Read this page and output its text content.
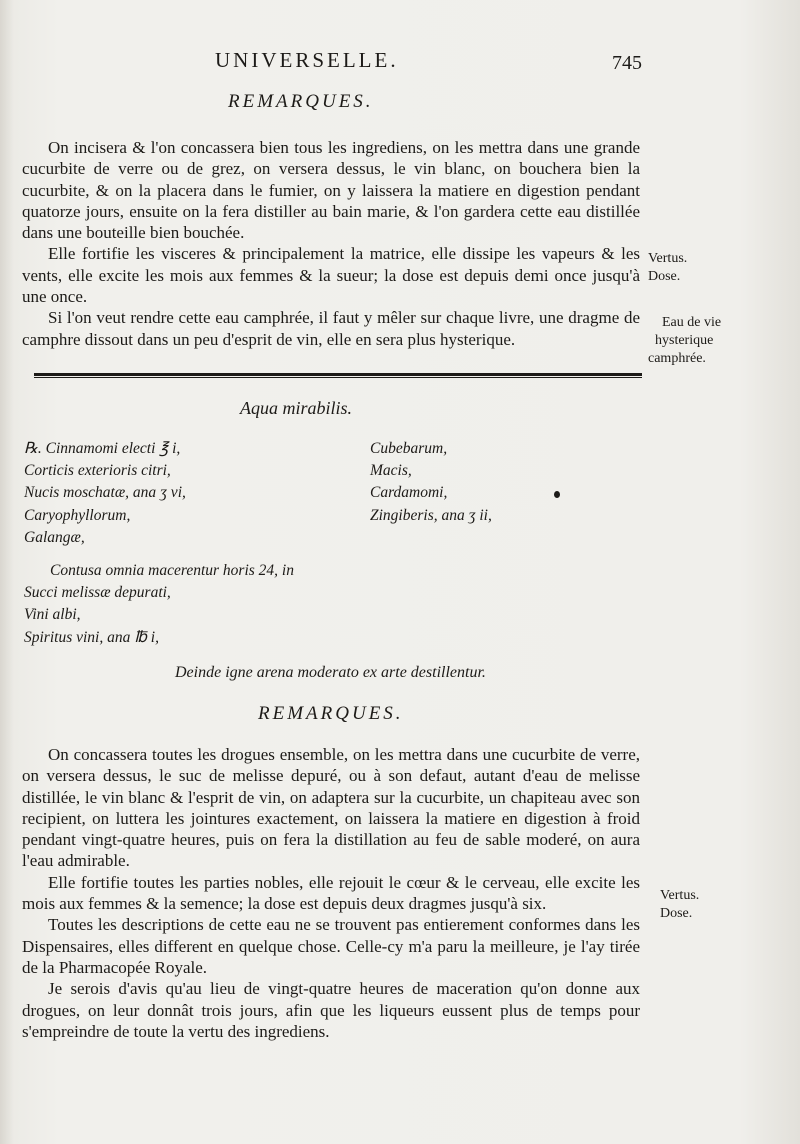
UNIVERSELLE.	745
REMARQUES.

On incisera & l'on concassera bien tous les ingrediens, on les mettra dans une grande cucurbite de verre ou de grez, on versera dessus, le vin blanc, on bouchera bien la cucurbite, & on la placera dans le fumier, on y laissera la matiere en digestion pendant quatorze jours, ensuite on la fera distiller au bain marie, & l'on gardera cette eau distillée dans une bouteille bien bouchée.

Elle fortifie les visceres & principalement la matrice, elle dissipe les vapeurs & les vents, elle excite les mois aux femmes & la sueur; la dose est depuis demi once jusqu'à une once.

Si l'on veut rendre cette eau camphrée, il faut y mêler sur chaque livre, une dragme de camphre dissout dans un peu d'esprit de vin, elle en sera plus hysterique.

Vertus.
Dose.
Eau de vie
hysterique
camphrée.
Aqua mirabilis.
℞. Cinnamomi electi ℥ i,
Corticis exterioris citri,
Nucis moschatæ, ana ʒ vi,
Caryophyllorum,
Galangæ,
Cubebarum,
Macis,
Cardamomi,
Zingiberis, ana ʒ ii,
Contusa omnia macerentur horis 24, in
Succi melissæ depurati,
Vini albi,
Spiritus vini, ana ℔ i,
Deinde igne arena moderato ex arte destillentur.
REMARQUES.

On concassera toutes les drogues ensemble, on les mettra dans une cucurbite de verre, on versera dessus, le suc de melisse depuré, ou à son defaut, autant d'eau de melisse distillée, le vin blanc & l'esprit de vin, on adaptera sur la cucurbite, un chapiteau avec son recipient, on luttera les jointures exactement, on laissera la matiere en digestion à froid pendant vingt-quatre heures, puis on fera la distillation au feu de sable moderé, on aura l'eau admirable.

Elle fortifie toutes les parties nobles, elle rejouit le cœur & le cerveau, elle excite les mois aux femmes & la semence; la dose est depuis deux dragmes jusqu'à six.

Toutes les descriptions de cette eau ne se trouvent pas entierement conformes dans les Dispensaires, elles different en quelque chose. Celle-cy m'a paru la meilleure, je l'ay tirée de la Pharmacopée Royale.

Je serois d'avis qu'au lieu de vingt-quatre heures de maceration qu'on donne aux drogues, on leur donnât trois jours, afin que les liqueurs eussent plus de temps pour s'empreindre de toute la vertu des ingrediens.

Vertus.
Dose.
